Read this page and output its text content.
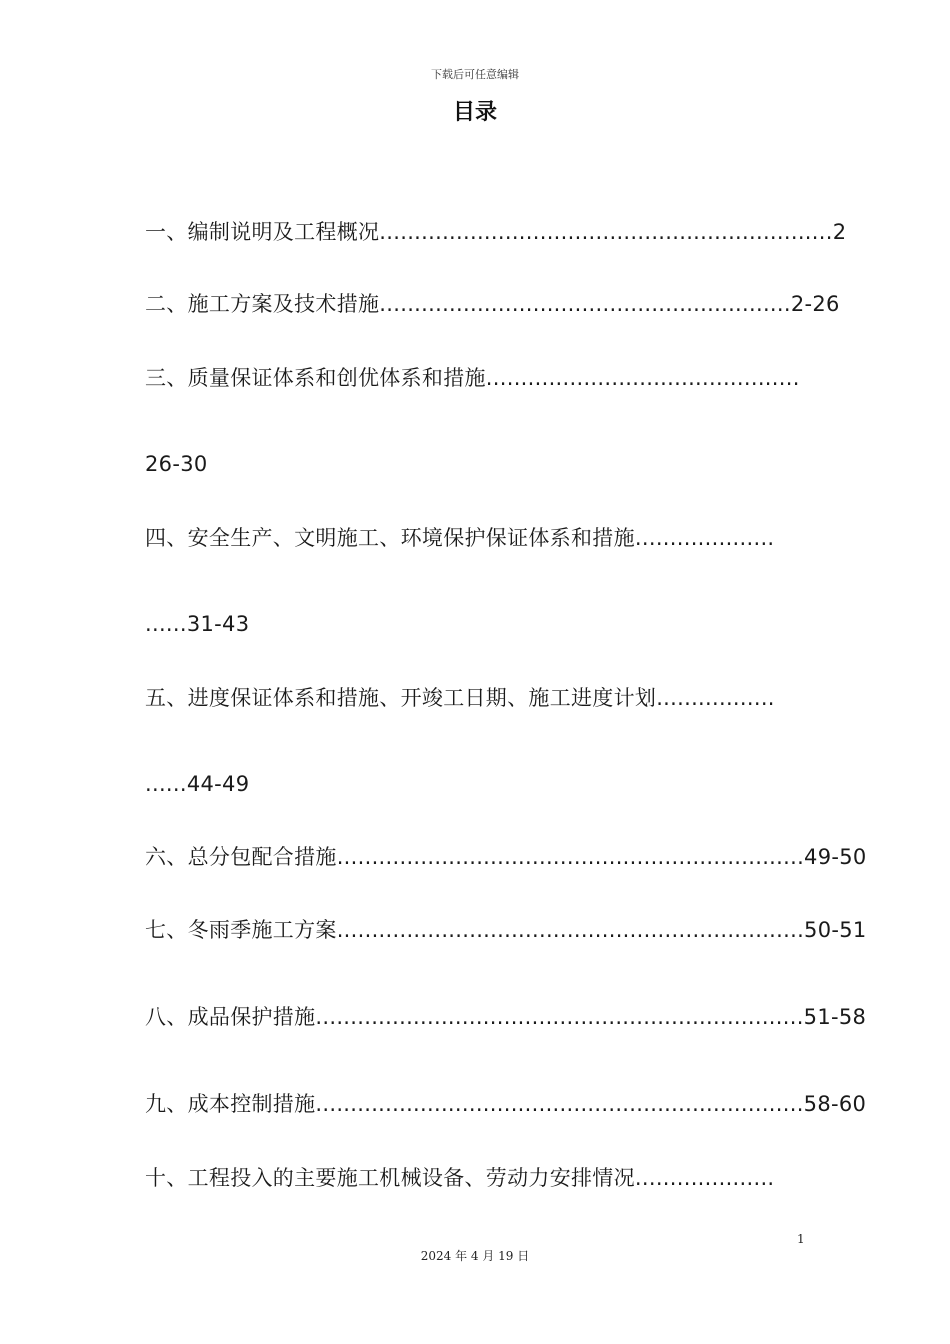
下载后可任意编辑
目录
一、编制说明及工程概况.................................................................2
二、施工方案及技术措施...........................................................2-26
三、质量保证体系和创优体系和措施.............................................
26-30
四、安全生产、文明施工、环境保护保证体系和措施....................
......31-43
五、进度保证体系和措施、开竣工日期、施工进度计划.................
......44-49
六、总分包配合措施...................................................................49-50
七、冬雨季施工方案...................................................................50-51
八、成品保护措施......................................................................51-58
九、成本控制措施......................................................................58-60
十、工程投入的主要施工机械设备、劳动力安排情况....................
1
2024 年 4 月 19 日
